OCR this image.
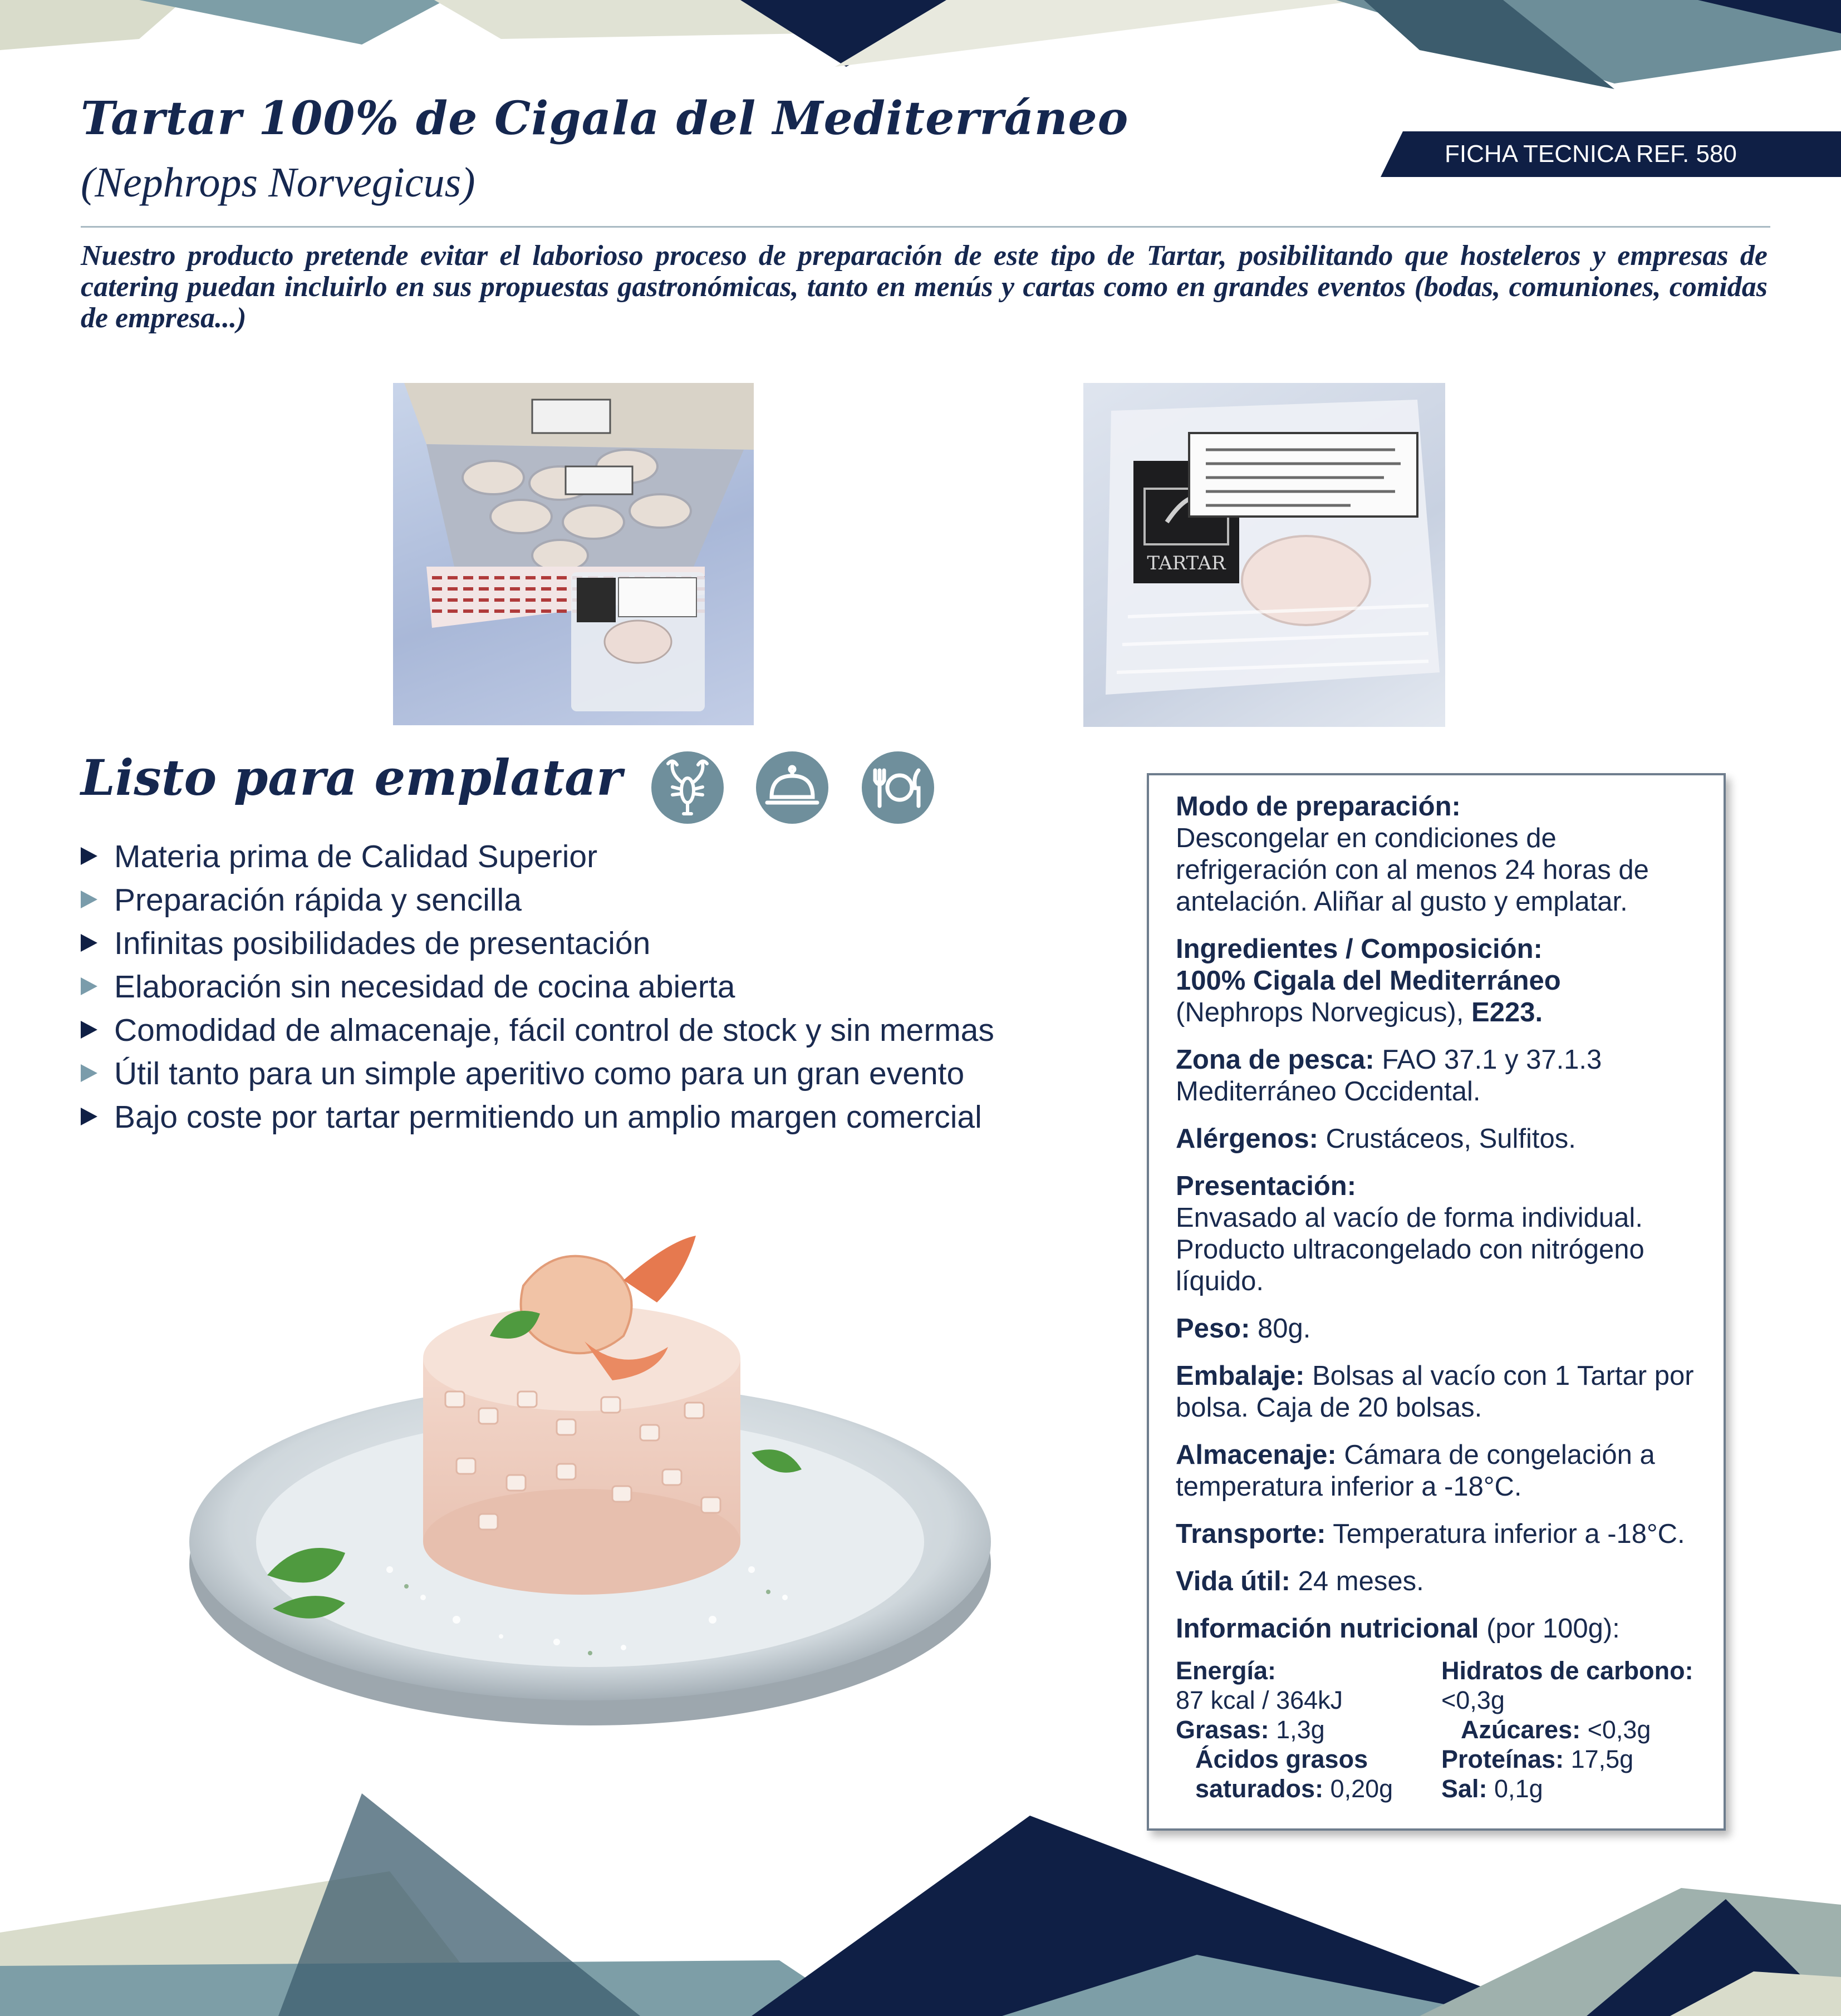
Tartar 100% de Cigala del Mediterráneo
(Nephrops Norvegicus)
FICHA TECNICA REF. 580

Nuestro producto pretende evitar el laborioso proceso de preparación de este tipo de Tartar, posibilitando que hosteleros y empresas de catering puedan incluirlo en sus propuestas gastronómicas, tanto en menús y cartas como en grandes eventos (bodas, comuniones, comidas de empresa...)

TARTAR
Listo para emplatar
Materia prima de Calidad Superior
Preparación rápida y sencilla
Infinitas posibilidades de presentación
Elaboración sin necesidad de cocina abierta
Comodidad de almacenaje, fácil control de stock y sin mermas
Útil tanto para un simple aperitivo como para un gran evento
Bajo coste por tartar permitiendo un amplio margen comercial
Modo de preparación:
Descongelar en condiciones de refrigeración con al menos 24 horas de antelación. Aliñar al gusto y emplatar.
Ingredientes / Composición:
100% Cigala del Mediterráneo
(Nephrops Norvegicus), E223.
Zona de pesca: FAO 37.1 y 37.1.3 Mediterráneo Occidental.
Alérgenos: Crustáceos, Sulfitos.
Presentación:
Envasado al vacío de forma individual. Producto ultracongelado con nitrógeno líquido.
Peso: 80g.
Embalaje: Bolsas al vacío con 1 Tartar por bolsa. Caja de 20 bolsas.
Almacenaje: Cámara de congelación a temperatura inferior a -18°C.
Transporte: Temperatura inferior a -18°C.
Vida útil: 24 meses.
Información nutricional (por 100g):
Energía:
87 kcal / 364kJ
Grasas: 1,3g
Ácidos grasos
saturados: 0,20g
Hidratos de carbono:
<0,3g
Azúcares: <0,3g
Proteínas: 17,5g
Sal: 0,1g
